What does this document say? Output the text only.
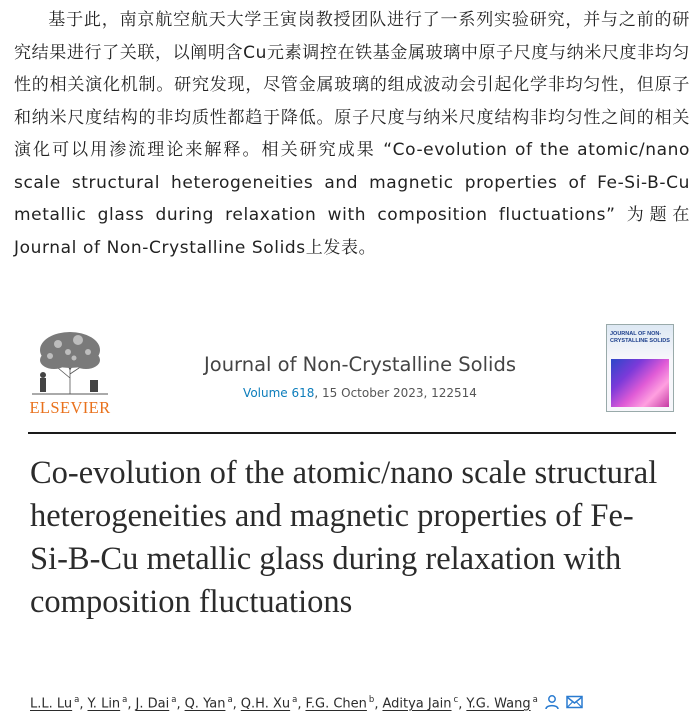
基于此，南京航空航天大学王寅岗教授团队进行了一系列实验研究，并与之前的研究结果进行了关联，以阐明含Cu元素调控在铁基金属玻璃中原子尺度与纳米尺度非均匀性的相关演化机制。研究发现，尽管金属玻璃的组成波动会引起化学非均匀性，但原子和纳米尺度结构的非均质性都趋于降低。原子尺度与纳米尺度结构非均匀性之间的相关演化可以用渗流理论来解释。相关研究成果 “Co-evolution of the atomic/nano scale structural heterogeneities and magnetic properties of Fe-Si-B-Cu metallic glass during relaxation with composition fluctuations” 为题在Journal of Non-Crystalline Solids上发表。
ELSEVIER
Journal of Non-Crystalline Solids
Volume 618, 15 October 2023, 122514
JOURNAL OF NON-CRYSTALLINE SOLIDS
Co-evolution of the atomic/nano scale structural heterogeneities and magnetic properties of Fe-Si-B-Cu metallic glass during relaxation with composition fluctuations
L.L. Lu $^a$, Y. Lin $^a$, J. Dai $^a$, Q. Yan $^a$, Q.H. Xu $^a$, F.G. Chen $^b$, Aditya Jain $^c$, Y.G. Wang $^a$
